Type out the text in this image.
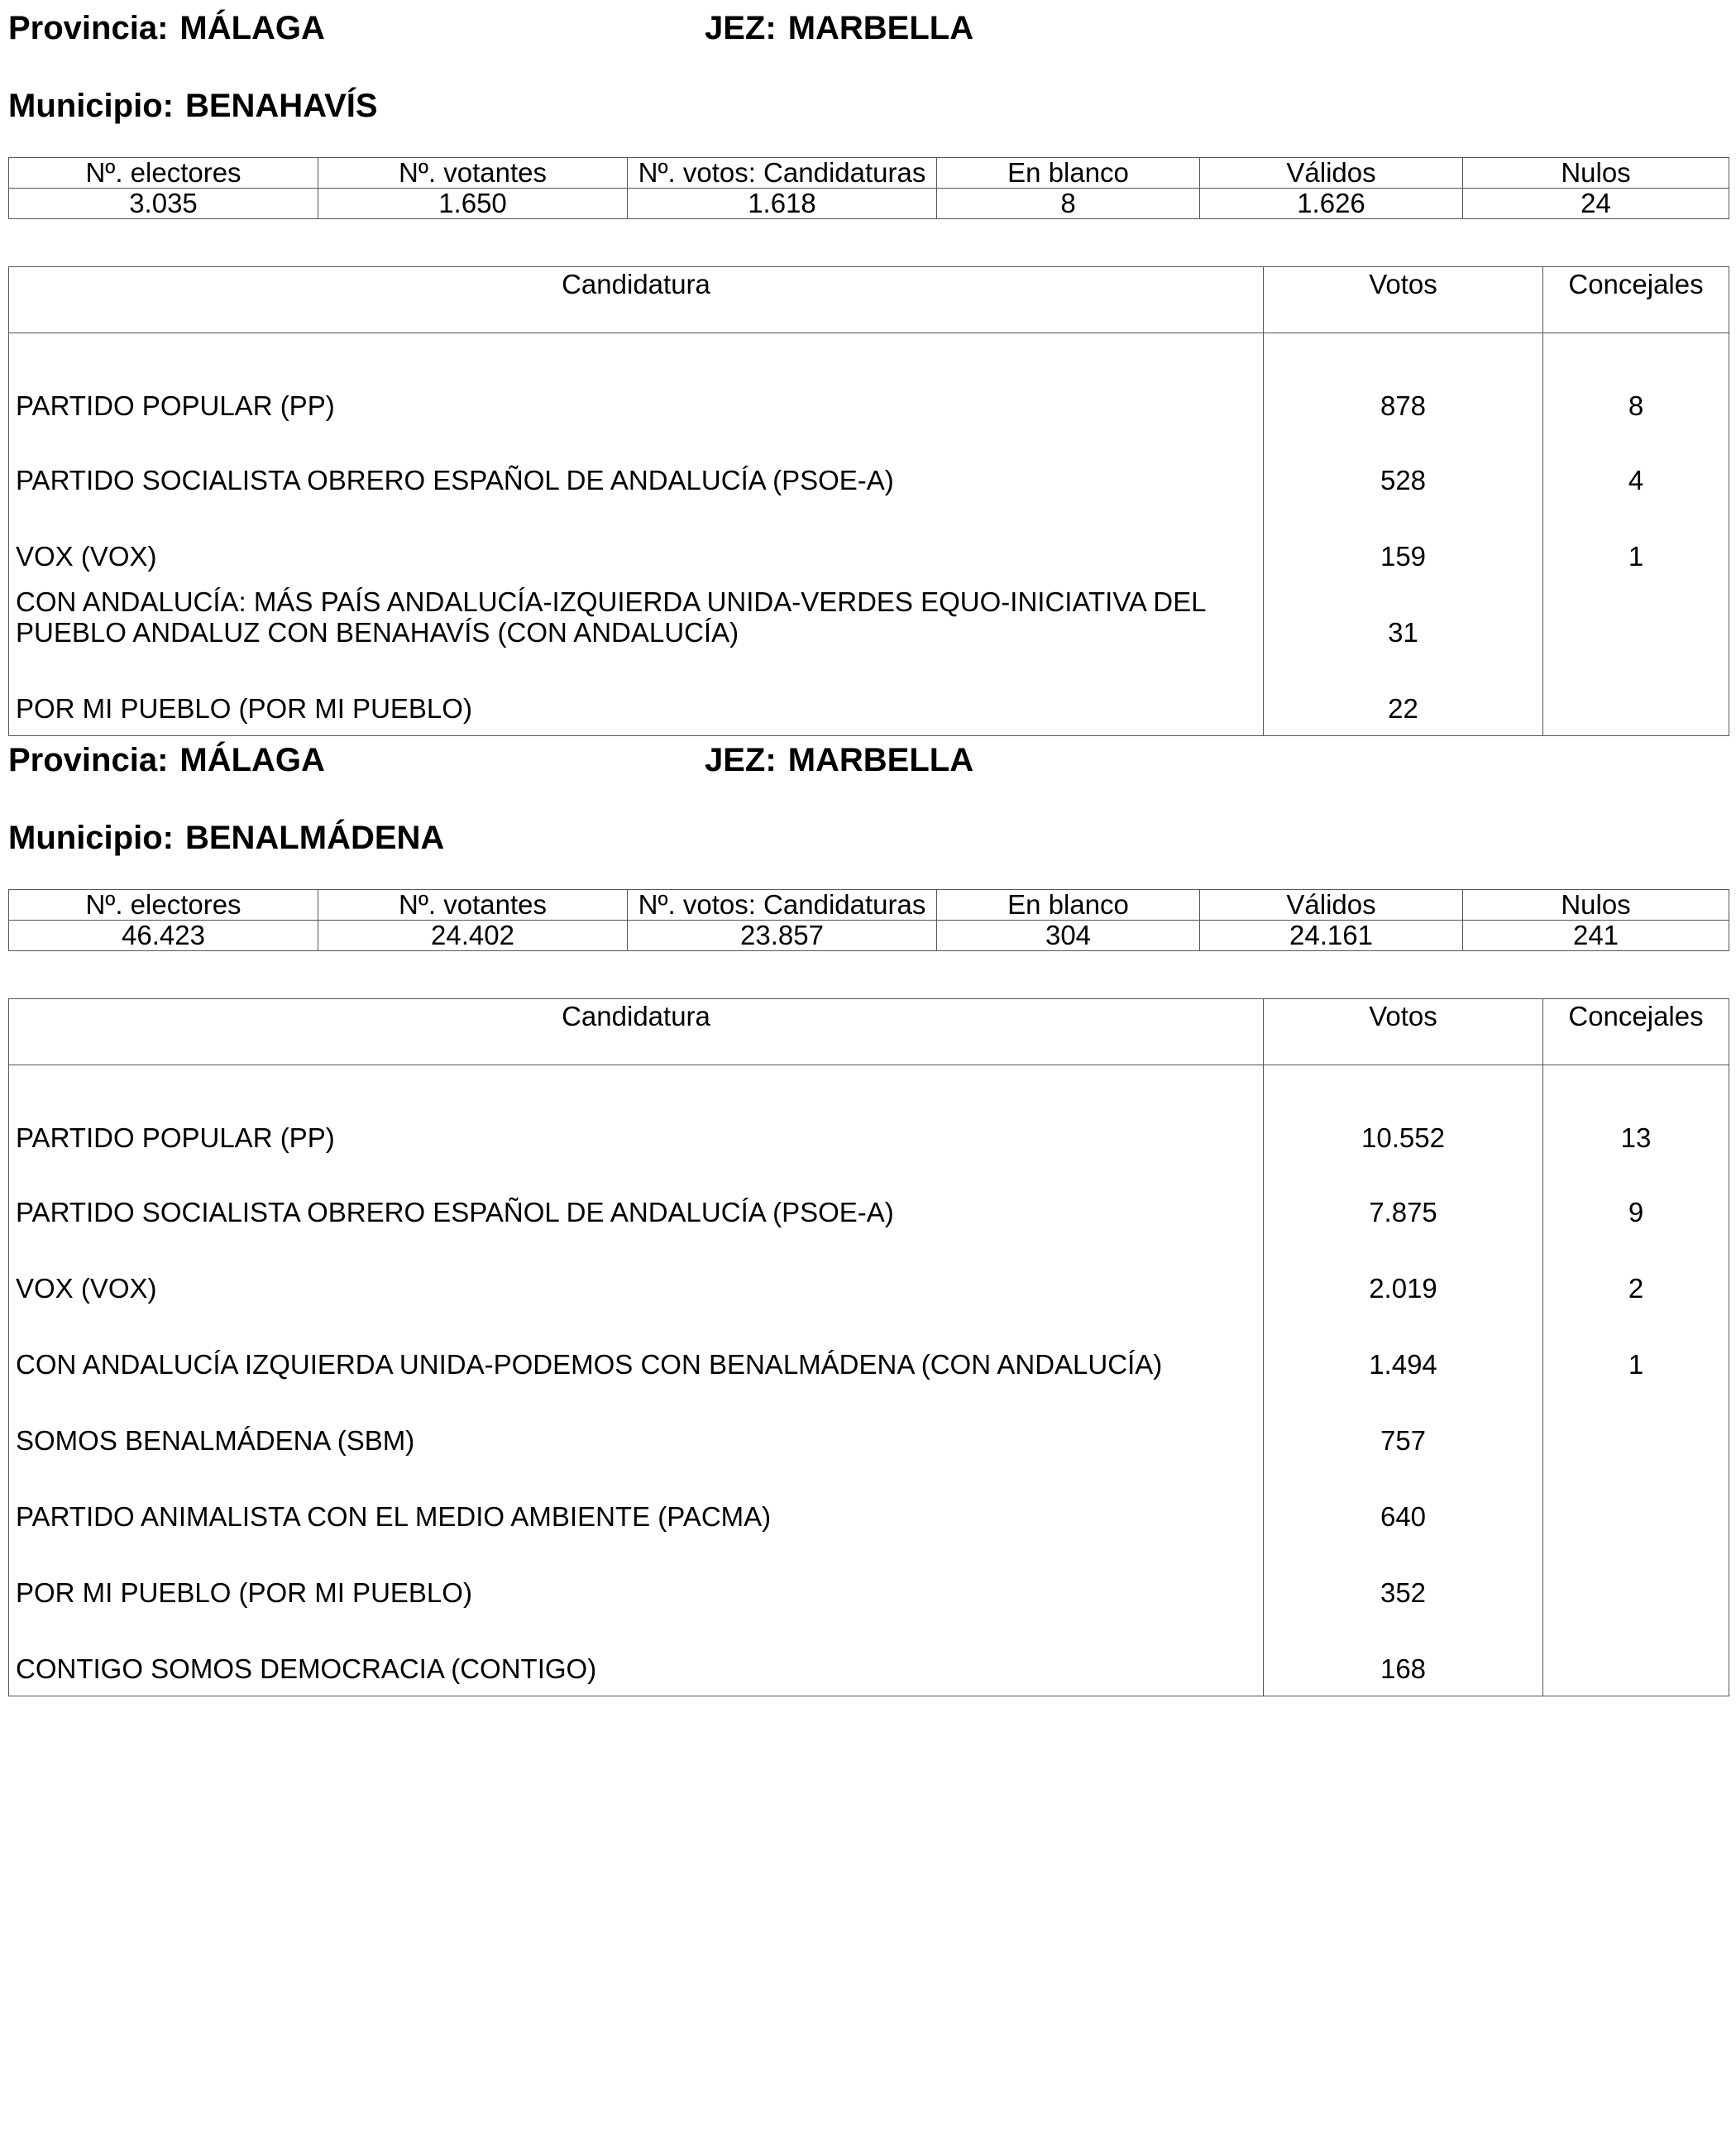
Provincia: MÁLAGA	JEZ: MARBELLA
Municipio: BENAHAVÍS
Nº. electores	Nº. votantes	Nº. votos: Candidaturas	En blanco	Válidos	Nulos
3.035	1.650	1.618	8	1.626	24
Candidatura	Votos	Concejales
PARTIDO POPULAR (PP)	878	8
PARTIDO SOCIALISTA OBRERO ESPAÑOL DE ANDALUCÍA (PSOE-A)	528	4
VOX (VOX)	159	1
CON ANDALUCÍA: MÁS PAÍS ANDALUCÍA-IZQUIERDA UNIDA-VERDES EQUO-INICIATIVA DEL PUEBLO ANDALUZ CON BENAHAVÍS (CON ANDALUCÍA)	31	
POR MI PUEBLO (POR MI PUEBLO)	22	
Provincia: MÁLAGA	JEZ: MARBELLA
Municipio: BENALMÁDENA
Nº. electores	Nº. votantes	Nº. votos: Candidaturas	En blanco	Válidos	Nulos
46.423	24.402	23.857	304	24.161	241
Candidatura	Votos	Concejales
PARTIDO POPULAR (PP)	10.552	13
PARTIDO SOCIALISTA OBRERO ESPAÑOL DE ANDALUCÍA (PSOE-A)	7.875	9
VOX (VOX)	2.019	2
CON ANDALUCÍA IZQUIERDA UNIDA-PODEMOS CON BENALMÁDENA (CON ANDALUCÍA)	1.494	1
SOMOS BENALMÁDENA (SBM)	757	
PARTIDO ANIMALISTA CON EL MEDIO AMBIENTE (PACMA)	640	
POR MI PUEBLO (POR MI PUEBLO)	352	
CONTIGO SOMOS DEMOCRACIA (CONTIGO)	168	
